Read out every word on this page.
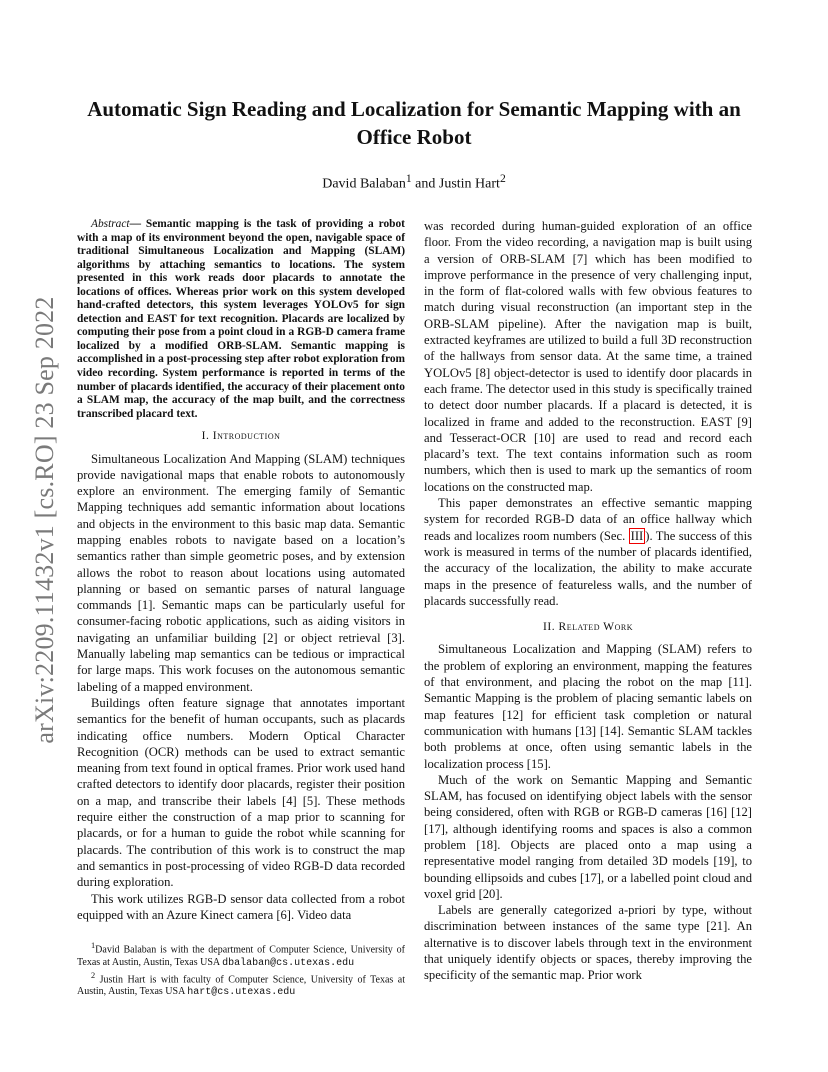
arXiv:2209.11432v1 [cs.RO] 23 Sep 2022
Automatic Sign Reading and Localization for Semantic Mapping with an Office Robot
David Balaban$^1$ and Justin Hart$^2$

Abstract— Semantic mapping is the task of providing a robot with a map of its environment beyond the open, navigable space of traditional Simultaneous Localization and Mapping (SLAM) algorithms by attaching semantics to locations. The system presented in this work reads door placards to annotate the locations of offices. Whereas prior work on this system developed hand-crafted detectors, this system leverages YOLOv5 for sign detection and EAST for text recognition. Placards are localized by computing their pose from a point cloud in a RGB-D camera frame localized by a modified ORB-SLAM. Semantic mapping is accomplished in a post-processing step after robot exploration from video recording. System performance is reported in terms of the number of placards identified, the accuracy of their placement onto a SLAM map, the accuracy of the map built, and the correctness transcribed placard text.

I. Introduction

Simultaneous Localization And Mapping (SLAM) techniques provide navigational maps that enable robots to autonomously explore an environment. The emerging family of Semantic Mapping techniques add semantic information about locations and objects in the environment to this basic map data. Semantic mapping enables robots to navigate based on a location’s semantics rather than simple geometric poses, and by extension allows the robot to reason about locations using automated planning or based on semantic parses of natural language commands [1]. Semantic maps can be particularly useful for consumer-facing robotic applications, such as aiding visitors in navigating an unfamiliar building [2] or object retrieval [3]. Manually labeling map semantics can be tedious or impractical for large maps. This work focuses on the autonomous semantic labeling of a mapped environment.

Buildings often feature signage that annotates important semantics for the benefit of human occupants, such as placards indicating office numbers. Modern Optical Character Recognition (OCR) methods can be used to extract semantic meaning from text found in optical frames. Prior work used hand crafted detectors to identify door placards, register their position on a map, and transcribe their labels [4] [5]. These methods require either the construction of a map prior to scanning for placards, or for a human to guide the robot while scanning for placards. The contribution of this work is to construct the map and semantics in post-processing of video RGB-D data recorded during exploration.

This work utilizes RGB-D sensor data collected from a robot equipped with an Azure Kinect camera [6]. Video data

$^1$David Balaban is with the department of Computer Science, University of Texas at Austin, Austin, Texas USA dbalaban@cs.utexas.edu
$^2$ Justin Hart is with faculty of Computer Science, University of Texas at Austin, Austin, Texas USA hart@cs.utexas.edu

was recorded during human-guided exploration of an office floor. From the video recording, a navigation map is built using a version of ORB-SLAM [7] which has been modified to improve performance in the presence of very challenging input, in the form of flat-colored walls with few obvious features to match during visual reconstruction (an important step in the ORB-SLAM pipeline). After the navigation map is built, extracted keyframes are utilized to build a full 3D reconstruction of the hallways from sensor data. At the same time, a trained YOLOv5 [8] object-detector is used to identify door placards in each frame. The detector used in this study is specifically trained to detect door number placards. If a placard is detected, it is localized in frame and added to the reconstruction. EAST [9] and Tesseract-OCR [10] are used to read and record each placard’s text. The text contains information such as room numbers, which then is used to mark up the semantics of room locations on the constructed map.

This paper demonstrates an effective semantic mapping system for recorded RGB-D data of an office hallway which reads and localizes room numbers (Sec. III ). The success of this work is measured in terms of the number of placards identified, the accuracy of the localization, the ability to make accurate maps in the presence of featureless walls, and the number of placards successfully read.

II. Related Work

Simultaneous Localization and Mapping (SLAM) refers to the problem of exploring an environment, mapping the features of that environment, and placing the robot on the map [11]. Semantic Mapping is the problem of placing semantic labels on map features [12] for efficient task completion or natural communication with humans [13] [14]. Semantic SLAM tackles both problems at once, often using semantic labels in the localization process [15].

Much of the work on Semantic Mapping and Semantic SLAM, has focused on identifying object labels with the sensor being considered, often with RGB or RGB-D cameras [16] [12] [17], although identifying rooms and spaces is also a common problem [18]. Objects are placed onto a map using a representative model ranging from detailed 3D models [19], to bounding ellipsoids and cubes [17], or a labelled point cloud and voxel grid [20].

Labels are generally categorized a-priori by type, without discrimination between instances of the same type [21]. An alternative is to discover labels through text in the environment that uniquely identify objects or spaces, thereby improving the specificity of the semantic map. Prior work
